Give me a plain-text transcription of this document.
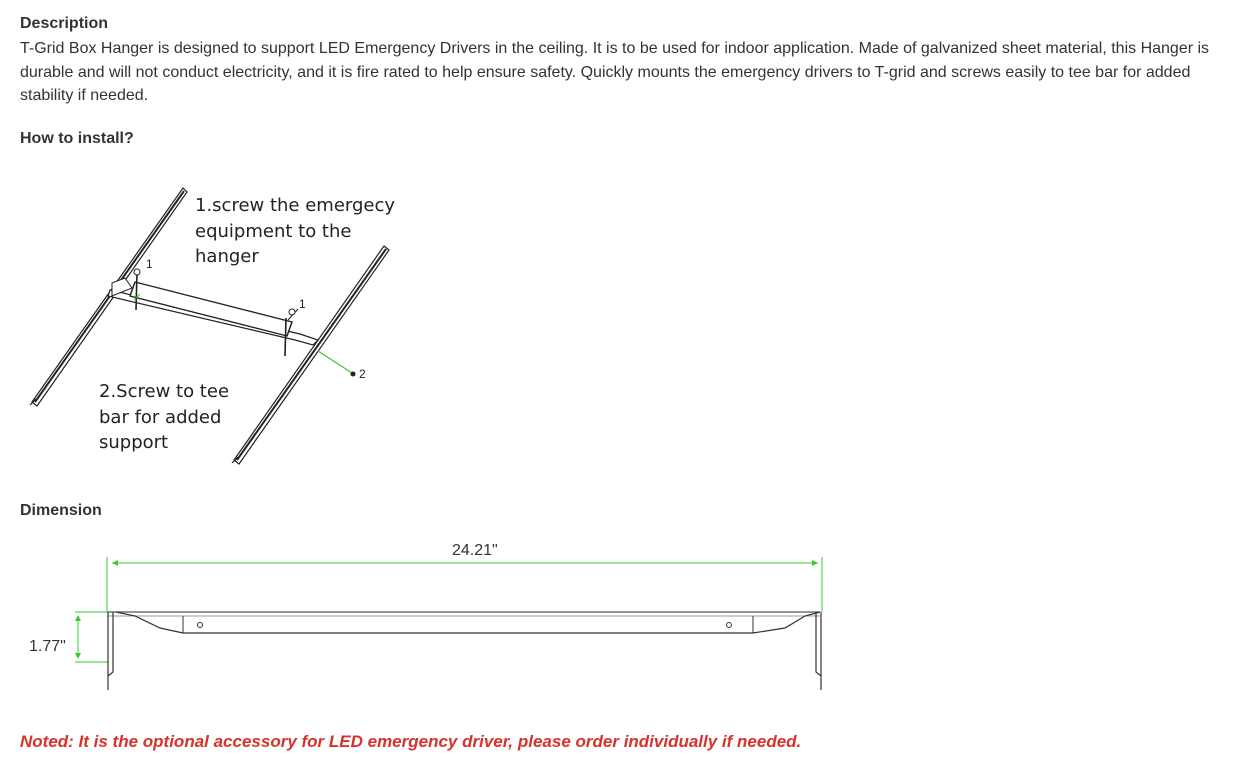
Description
T-Grid Box Hanger is designed to support LED Emergency Drivers in the ceiling. It is to be used for indoor application. Made of galvanized sheet material, this Hanger is durable and will not conduct electricity, and it is fire rated to help ensure safety. Quickly mounts the emergency drivers to T-grid and screws easily to tee bar for added stability if needed.
How to install?
1
1
2
1.screw the emergecy
equipment to the
hanger
2.Screw to tee
bar for added
support
24.21"
1.77"
Dimension
Noted: It is the optional accessory for LED emergency driver, please order individually if needed.
